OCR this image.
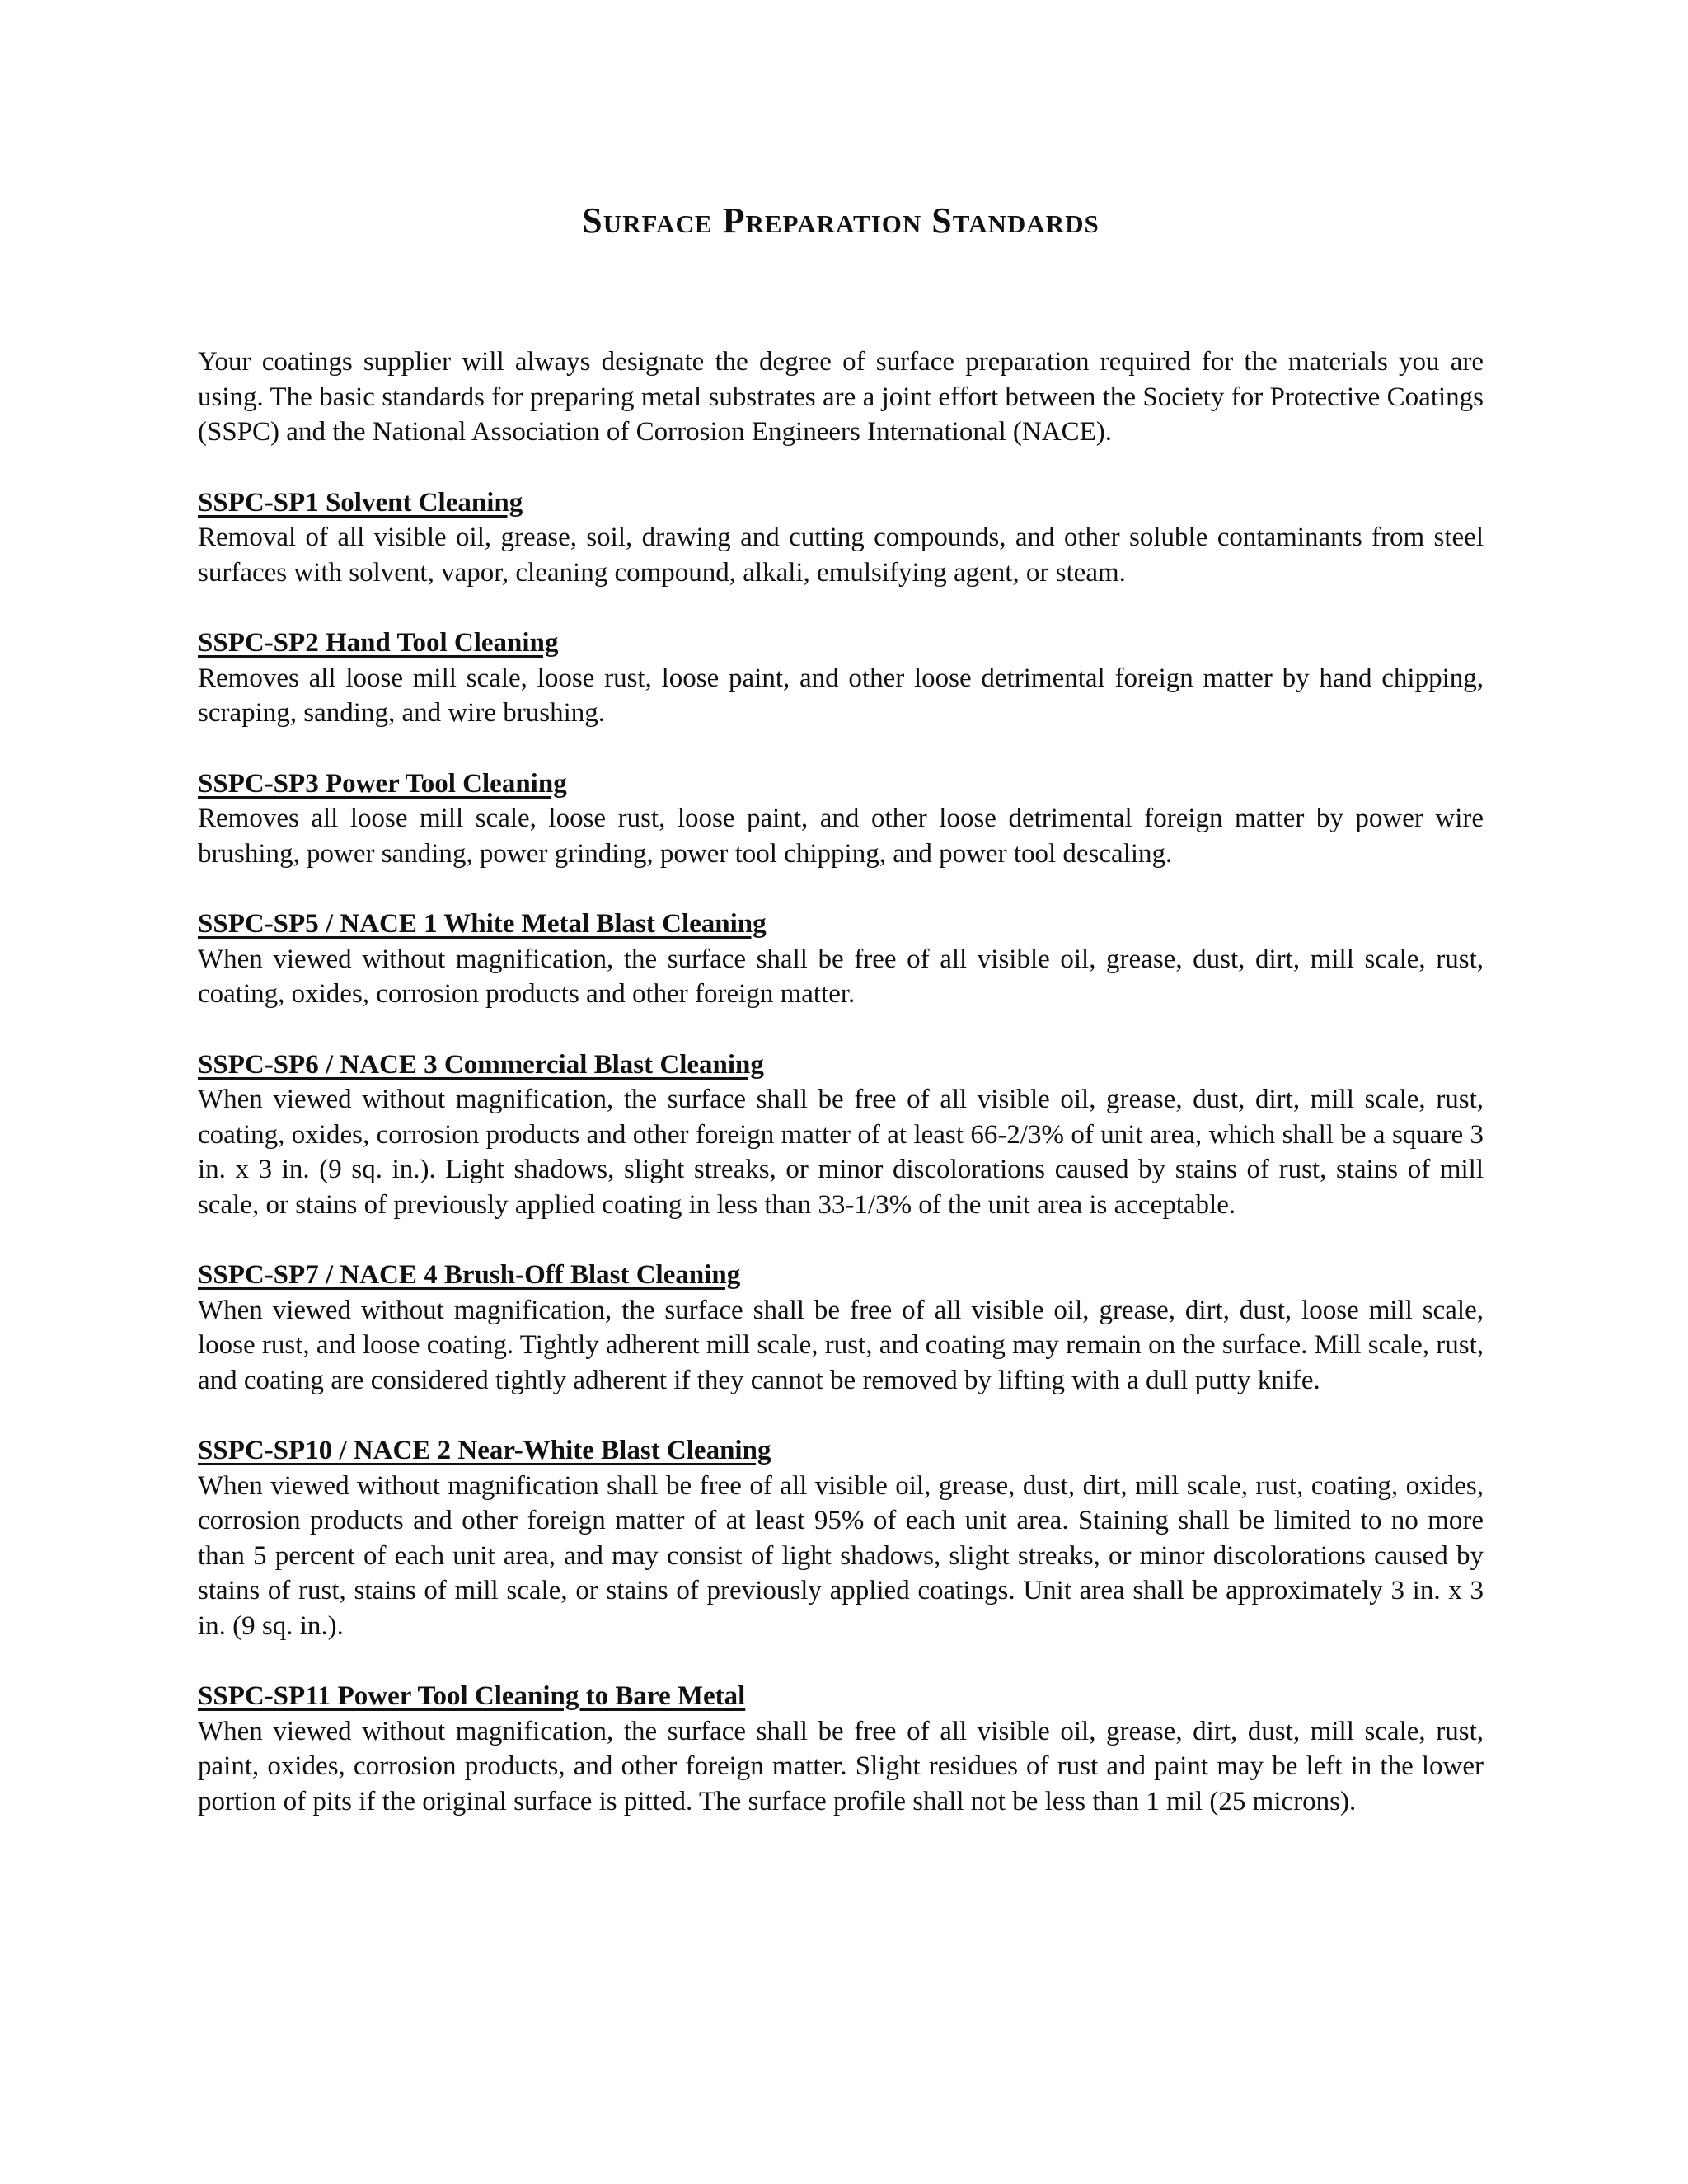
Surface Preparation Standards

Your coatings supplier will always designate the degree of surface preparation required for the materials you are using. The basic standards for preparing metal substrates are a joint effort between the Society for Protective Coatings (SSPC) and the National Association of Corrosion Engineers International (NACE).

SSPC-SP1 Solvent Cleaning
Removal of all visible oil, grease, soil, drawing and cutting compounds, and other soluble contaminants from steel surfaces with solvent, vapor, cleaning compound, alkali, emulsifying agent, or steam.
SSPC-SP2 Hand Tool Cleaning
Removes all loose mill scale, loose rust, loose paint, and other loose detrimental foreign matter by hand chipping, scraping, sanding, and wire brushing.
SSPC-SP3 Power Tool Cleaning
Removes all loose mill scale, loose rust, loose paint, and other loose detrimental foreign matter by power wire brushing, power sanding, power grinding, power tool chipping, and power tool descaling.
SSPC-SP5 / NACE 1 White Metal Blast Cleaning
When viewed without magnification, the surface shall be free of all visible oil, grease, dust, dirt, mill scale, rust, coating, oxides, corrosion products and other foreign matter.
SSPC-SP6 / NACE 3 Commercial Blast Cleaning
When viewed without magnification, the surface shall be free of all visible oil, grease, dust, dirt, mill scale, rust, coating, oxides, corrosion products and other foreign matter of at least 66-2/3% of unit area, which shall be a square 3 in. x 3 in. (9 sq. in.). Light shadows, slight streaks, or minor discolorations caused by stains of rust, stains of mill scale, or stains of previously applied coating in less than 33-1/3% of the unit area is acceptable.
SSPC-SP7 / NACE 4 Brush-Off Blast Cleaning
When viewed without magnification, the surface shall be free of all visible oil, grease, dirt, dust, loose mill scale, loose rust, and loose coating. Tightly adherent mill scale, rust, and coating may remain on the surface. Mill scale, rust, and coating are considered tightly adherent if they cannot be removed by lifting with a dull putty knife.
SSPC-SP10 / NACE 2 Near-White Blast Cleaning
When viewed without magnification shall be free of all visible oil, grease, dust, dirt, mill scale, rust, coating, oxides, corrosion products and other foreign matter of at least 95% of each unit area. Staining shall be limited to no more than 5 percent of each unit area, and may consist of light shadows, slight streaks, or minor discolorations caused by stains of rust, stains of mill scale, or stains of previously applied coatings. Unit area shall be approximately 3 in. x 3 in. (9 sq. in.).
SSPC-SP11 Power Tool Cleaning to Bare Metal
When viewed without magnification, the surface shall be free of all visible oil, grease, dirt, dust, mill scale, rust, paint, oxides, corrosion products, and other foreign matter. Slight residues of rust and paint may be left in the lower portion of pits if the original surface is pitted. The surface profile shall not be less than 1 mil (25 microns).
